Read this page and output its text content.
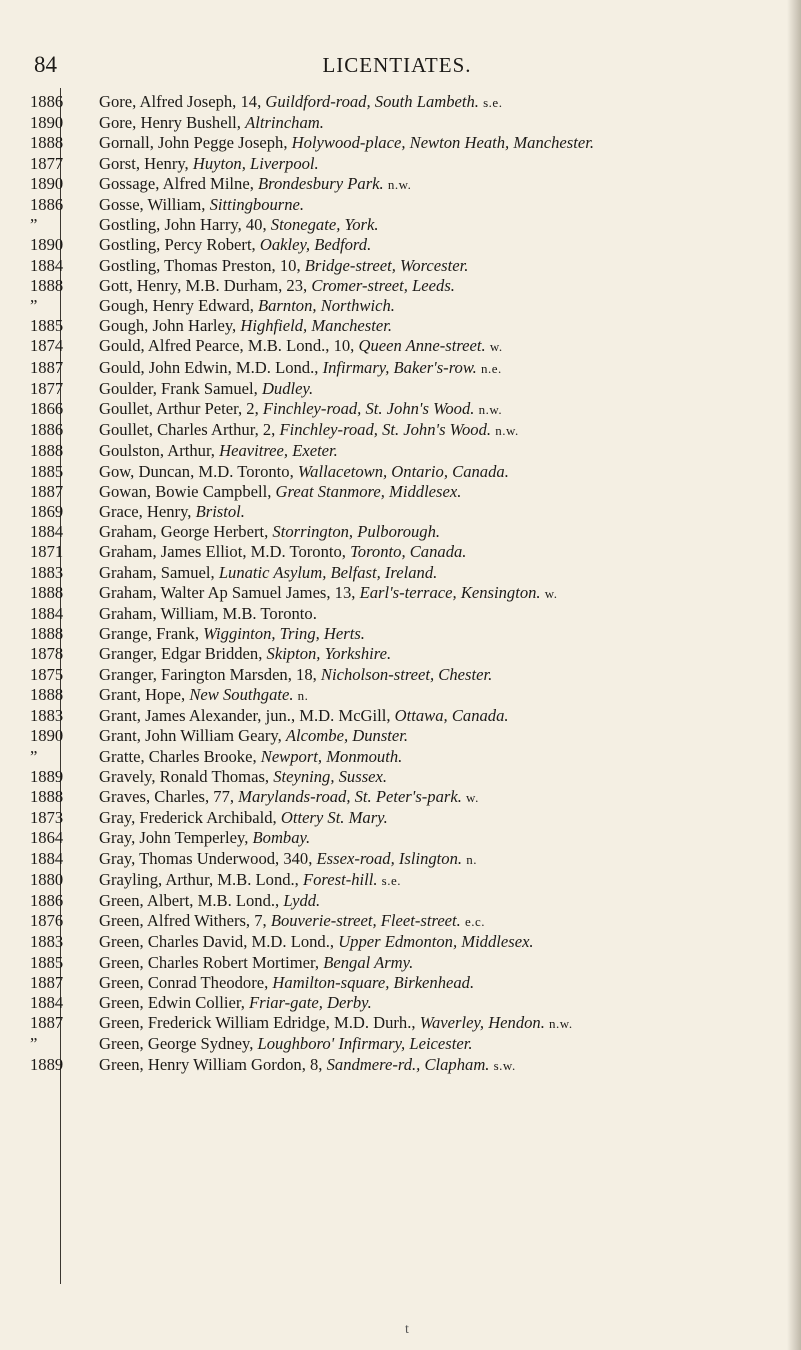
84	LICENTIATES.
1886	Gore, Alfred Joseph, 14, Guildford-road, South Lambeth. s.e.
1890	Gore, Henry Bushell, Altrincham.
1888	Gornall, John Pegge Joseph, Holywood-place, Newton Heath, Manchester.
1877	Gorst, Henry, Huyton, Liverpool.
1890	Gossage, Alfred Milne, Brondesbury Park. n.w.
1886	Gosse, William, Sittingbourne.
”	Gostling, John Harry, 40, Stonegate, York.
1890	Gostling, Percy Robert, Oakley, Bedford.
1884	Gostling, Thomas Preston, 10, Bridge-street, Worcester.
1888	Gott, Henry, M.B. Durham, 23, Cromer-street, Leeds.
”	Gough, Henry Edward, Barnton, Northwich.
1885	Gough, John Harley, Highfield, Manchester.
1874	Gould, Alfred Pearce, M.B. Lond., 10, Queen Anne-street. w.
1887	Gould, John Edwin, M.D. Lond., Infirmary, Baker's-row. n.e.
1877	Goulder, Frank Samuel, Dudley.
1866	Goullet, Arthur Peter, 2, Finchley-road, St. John's Wood. n.w.
1886	Goullet, Charles Arthur, 2, Finchley-road, St. John's Wood. n.w.
1888	Goulston, Arthur, Heavitree, Exeter.
1885	Gow, Duncan, M.D. Toronto, Wallacetown, Ontario, Canada.
1887	Gowan, Bowie Campbell, Great Stanmore, Middlesex.
1869	Grace, Henry, Bristol.
1884	Graham, George Herbert, Storrington, Pulborough.
1871	Graham, James Elliot, M.D. Toronto, Toronto, Canada.
1883	Graham, Samuel, Lunatic Asylum, Belfast, Ireland.
1888	Graham, Walter Ap Samuel James, 13, Earl's-terrace, Kensington. w.
1884	Graham, William, M.B. Toronto.
1888	Grange, Frank, Wigginton, Tring, Herts.
1878	Granger, Edgar Bridden, Skipton, Yorkshire.
1875	Granger, Farington Marsden, 18, Nicholson-street, Chester.
1888	Grant, Hope, New Southgate. n.
1883	Grant, James Alexander, jun., M.D. McGill, Ottawa, Canada.
1890	Grant, John William Geary, Alcombe, Dunster.
”	Gratte, Charles Brooke, Newport, Monmouth.
1889	Gravely, Ronald Thomas, Steyning, Sussex.
1888	Graves, Charles, 77, Marylands-road, St. Peter's-park. w.
1873	Gray, Frederick Archibald, Ottery St. Mary.
1864	Gray, John Temperley, Bombay.
1884	Gray, Thomas Underwood, 340, Essex-road, Islington. n.
1880	Grayling, Arthur, M.B. Lond., Forest-hill. s.e.
1886	Green, Albert, M.B. Lond., Lydd.
1876	Green, Alfred Withers, 7, Bouverie-street, Fleet-street. e.c.
1883	Green, Charles David, M.D. Lond., Upper Edmonton, Middlesex.
1885	Green, Charles Robert Mortimer, Bengal Army.
1887	Green, Conrad Theodore, Hamilton-square, Birkenhead.
1884	Green, Edwin Collier, Friar-gate, Derby.
1887	Green, Frederick William Edridge, M.D. Durh., Waverley, Hendon. n.w.
”	Green, George Sydney, Loughboro' Infirmary, Leicester.
1889	Green, Henry William Gordon, 8, Sandmere-rd., Clapham. s.w.
t
